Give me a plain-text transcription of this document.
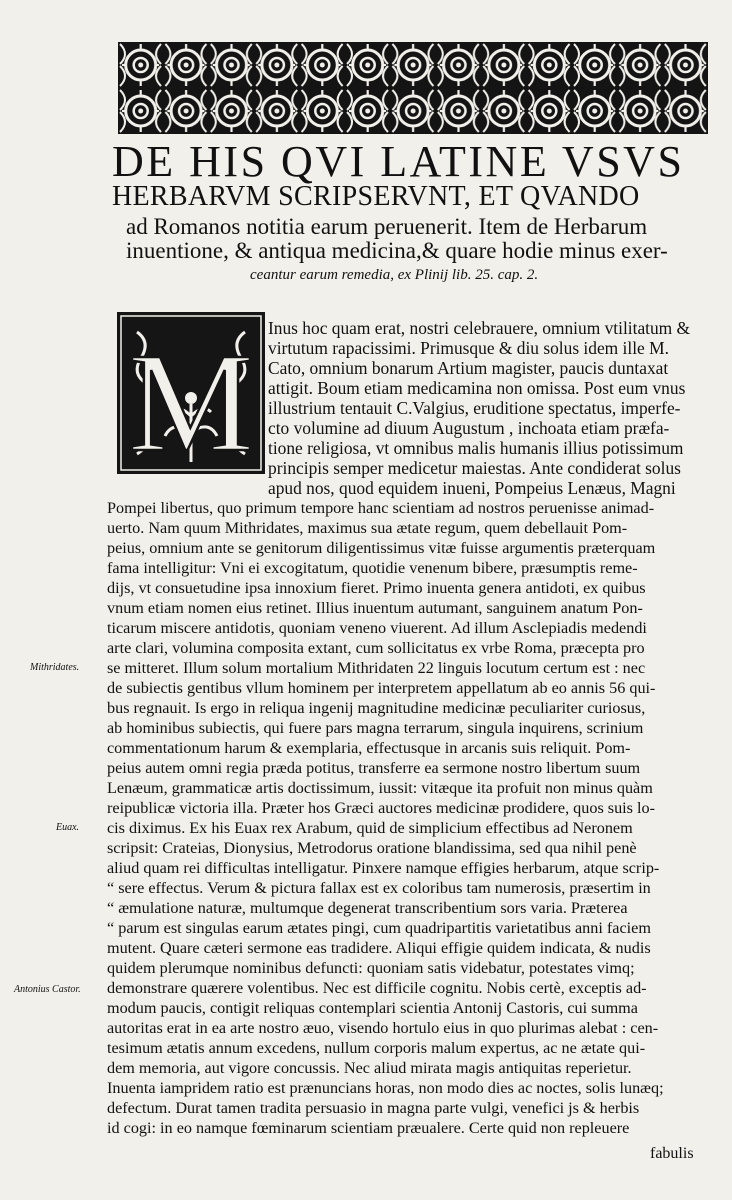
DE HIS QVI LATINE VSVS
HERBARVM SCRIPSERVNT, ET QVANDO
ad Romanos notitia earum peruenerit. Item de Herbarum
inuentione, & antiqua medicina,& quare hodie minus exer-
ceantur earum remedia, ex Plinij lib. 25. cap. 2.
M Inus hoc quam erat, nostri celebrauere, omnium vtilitatum &
virtutum rapacissimi. Primusque & diu solus idem ille M.
Cato, omnium bonarum Artium magister, paucis duntaxat
attigit. Boum etiam medicamina non omissa. Post eum vnus
illustrium tentauit C.Valgius, eruditione spectatus, imperfe-
cto volumine ad diuum Augustum , inchoata etiam præfa-
tione religiosa, vt omnibus malis humanis illius potissimum
principis semper medicetur maiestas. Ante condiderat solus
apud nos, quod equidem inueni, Pompeius Lenæus, Magni
Pompei libertus, quo primum tempore hanc scientiam ad nostros peruenisse animad-
uerto. Nam quum Mithridates, maximus sua ætate regum, quem debellauit Pom-
peius, omnium ante se genitorum diligentissimus vitæ fuisse argumentis præterquam
fama intelligitur: Vni ei excogitatum, quotidie venenum bibere, præsumptis reme-
dijs, vt consuetudine ipsa innoxium fieret. Primo inuenta genera antidoti, ex quibus
vnum etiam nomen eius retinet. Illius inuentum autumant, sanguinem anatum Pon-
ticarum miscere antidotis, quoniam veneno viuerent. Ad illum Asclepiadis medendi
arte clari, volumina composita extant, cum sollicitatus ex vrbe Roma, præcepta pro
se mitteret. Illum solum mortalium Mithridaten 22 linguis locutum certum est : nec
de subiectis gentibus vllum hominem per interpretem appellatum ab eo annis 56 qui-
bus regnauit. Is ergo in reliqua ingenij magnitudine medicinæ peculiariter curiosus,
ab hominibus subiectis, qui fuere pars magna terrarum, singula inquirens, scrinium
commentationum harum & exemplaria, effectusque in arcanis suis reliquit. Pom-
peius autem omni regia præda potitus, transferre ea sermone nostro libertum suum
Lenæum, grammaticæ artis doctissimum, iussit: vitæque ita profuit non minus quàm
reipublicæ victoria illa. Præter hos Græci auctores medicinæ prodidere, quos suis lo-
cis diximus. Ex his Euax rex Arabum, quid de simplicium effectibus ad Neronem
scripsit: Crateias, Dionysius, Metrodorus oratione blandissima, sed qua nihil penè
aliud quam rei difficultas intelligatur. Pinxere namque effigies herbarum, atque scrip-
“ sere effectus. Verum & pictura fallax est ex coloribus tam numerosis, præsertim in
“ æmulatione naturæ, multumque degenerat transcribentium sors varia. Præterea
“ parum est singulas earum ætates pingi, cum quadripartitis varietatibus anni faciem
mutent. Quare cæteri sermone eas tradidere. Aliqui effigie quidem indicata, & nudis
quidem plerumque nominibus defuncti: quoniam satis videbatur, potestates vimq;
demonstrare quærere volentibus. Nec est difficile cognitu. Nobis certè, exceptis ad-
modum paucis, contigit reliquas contemplari scientia Antonij Castoris, cui summa
autoritas erat in ea arte nostro æuo, visendo hortulo eius in quo plurimas alebat : cen-
tesimum ætatis annum excedens, nullum corporis malum expertus, ac ne ætate qui-
dem memoria, aut vigore concussis. Nec aliud mirata magis antiquitas reperietur.
Inuenta iampridem ratio est prænuncians horas, non modo dies ac noctes, solis lunæq;
defectum. Durat tamen tradita persuasio in magna parte vulgi, venefici js & herbis
id cogi: in eo namque fœminarum scientiam præualere. Certe quid non repleuere
fabulis
Mithridates.
Euax.
Antonius Castor.
